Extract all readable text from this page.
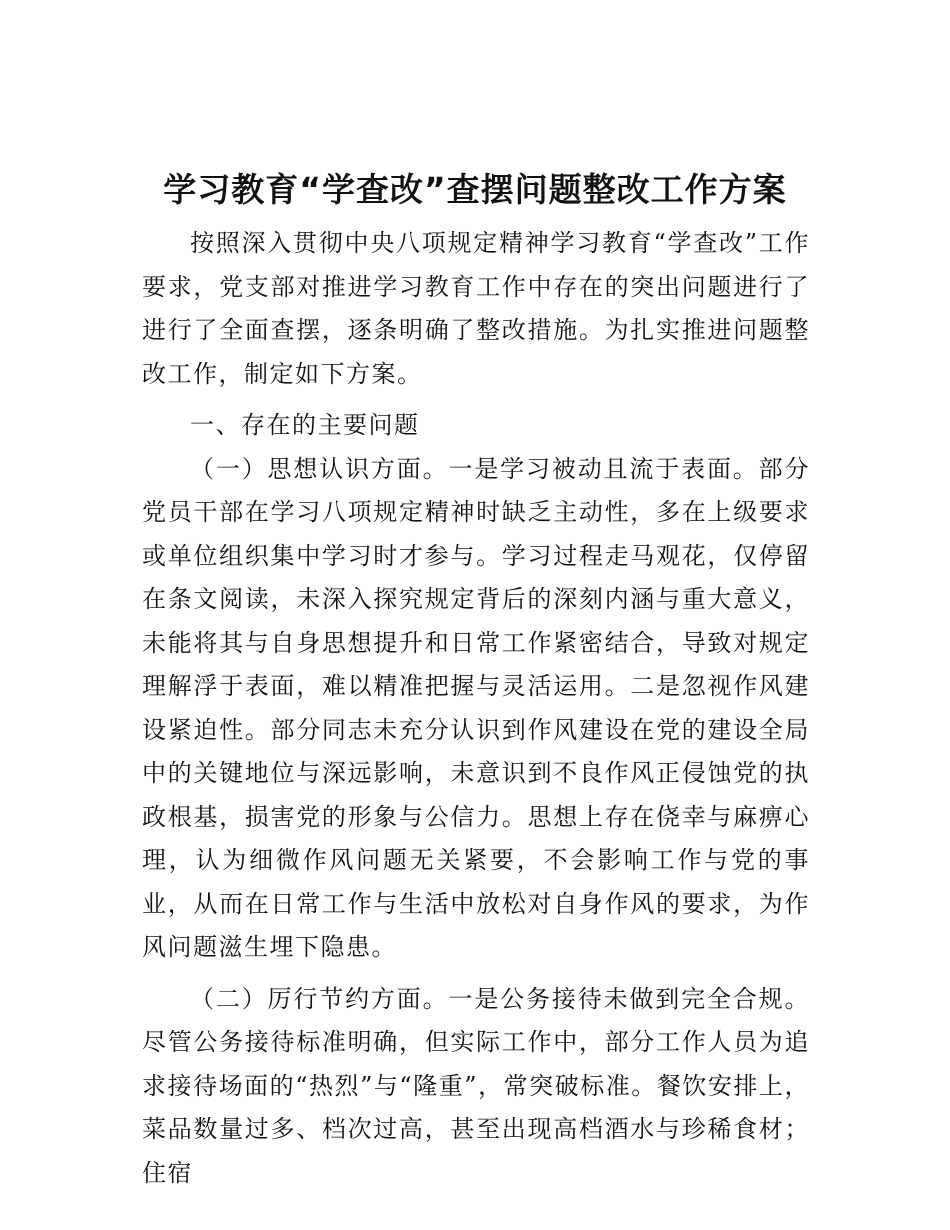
学习教育“学查改”查摆问题整改工作方案

按照深入贯彻中央八项规定精神学习教育“学查改”工作要求，党支部对推进学习教育工作中存在的突出问题进行了进行了全面查摆，逐条明确了整改措施。为扎实推进问题整改工作，制定如下方案。

一、存在的主要问题

（一）思想认识方面。一是学习被动且流于表面。部分党员干部在学习八项规定精神时缺乏主动性，多在上级要求或单位组织集中学习时才参与。学习过程走马观花，仅停留在条文阅读，未深入探究规定背后的深刻内涵与重大意义，未能将其与自身思想提升和日常工作紧密结合，导致对规定理解浮于表面，难以精准把握与灵活运用。二是忽视作风建设紧迫性。部分同志未充分认识到作风建设在党的建设全局中的关键地位与深远影响，未意识到不良作风正侵蚀党的执政根基，损害党的形象与公信力。思想上存在侥幸与麻痹心理，认为细微作风问题无关紧要，不会影响工作与党的事业，从而在日常工作与生活中放松对自身作风的要求，为作风问题滋生埋下隐患。

（二）厉行节约方面。一是公务接待未做到完全合规。尽管公务接待标准明确，但实际工作中，部分工作人员为追求接待场面的“热烈”与“隆重”，常突破标准。餐饮安排上，菜品数量过多、档次过高，甚至出现高档酒水与珍稀食材；住宿
